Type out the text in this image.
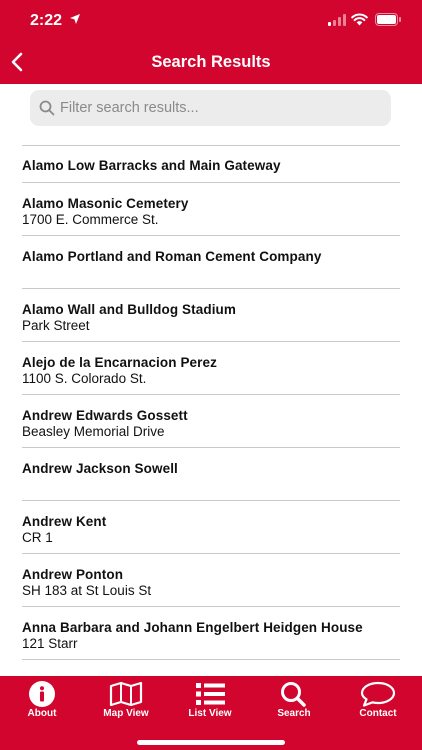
2:22
Search Results
Filter search results...
Alamo Low Barracks and Main Gateway
Alamo Masonic Cemetery
1700 E. Commerce St.
Alamo Portland and Roman Cement Company
Alamo Wall and Bulldog Stadium
Park Street
Alejo de la Encarnacion Perez
1100 S. Colorado St.
Andrew Edwards Gossett
Beasley Memorial Drive
Andrew Jackson Sowell
Andrew Kent
CR 1
Andrew Ponton
SH 183 at St Louis St
Anna Barbara and Johann Engelbert Heidgen House
121 Starr
About	Map View	List View	Search	Contact
